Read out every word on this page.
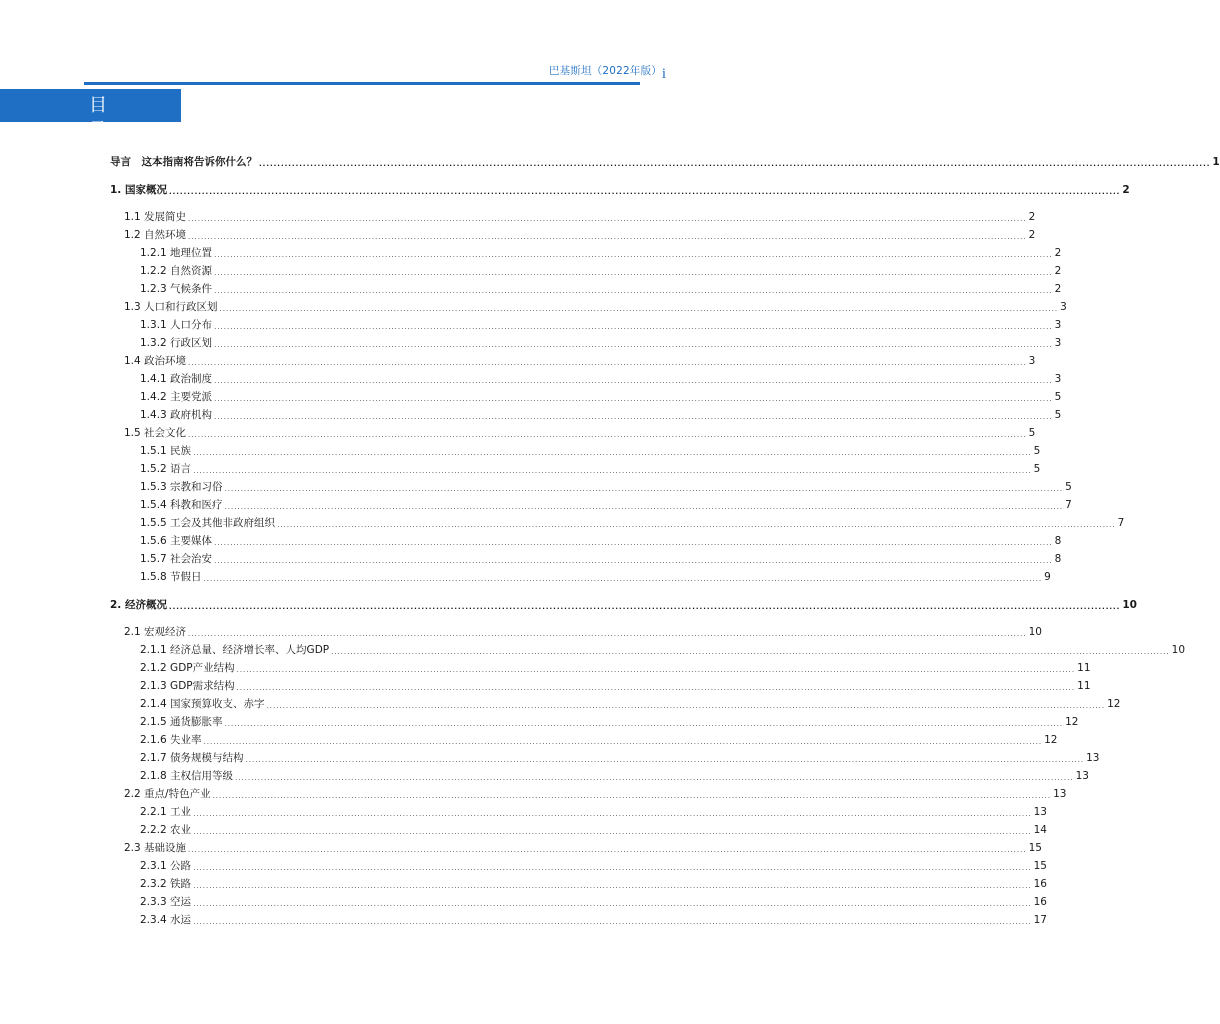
巴基斯坦（2022年版） i
目 录
导言　这本指南将告诉你什么？ .................................................................................................................................................................................................................................................................... 1
1. 国家概况 .................................................................................................................................................................................................................................................................... 2
1.1 发展简史 .................................................................................................................................................................................................................................................................... 2
1.2 自然环境 .................................................................................................................................................................................................................................................................... 2
1.2.1 地理位置 .................................................................................................................................................................................................................................................................... 2
1.2.2 自然资源 .................................................................................................................................................................................................................................................................... 2
1.2.3 气候条件 .................................................................................................................................................................................................................................................................... 2
1.3 人口和行政区划 .................................................................................................................................................................................................................................................................... 3
1.3.1 人口分布 .................................................................................................................................................................................................................................................................... 3
1.3.2 行政区划 .................................................................................................................................................................................................................................................................... 3
1.4 政治环境 .................................................................................................................................................................................................................................................................... 3
1.4.1 政治制度 .................................................................................................................................................................................................................................................................... 3
1.4.2 主要党派 .................................................................................................................................................................................................................................................................... 5
1.4.3 政府机构 .................................................................................................................................................................................................................................................................... 5
1.5 社会文化 .................................................................................................................................................................................................................................................................... 5
1.5.1 民族 .................................................................................................................................................................................................................................................................... 5
1.5.2 语言 .................................................................................................................................................................................................................................................................... 5
1.5.3 宗教和习俗 .................................................................................................................................................................................................................................................................... 5
1.5.4 科教和医疗 .................................................................................................................................................................................................................................................................... 7
1.5.5 工会及其他非政府组织 .................................................................................................................................................................................................................................................................... 7
1.5.6 主要媒体 .................................................................................................................................................................................................................................................................... 8
1.5.7 社会治安 .................................................................................................................................................................................................................................................................... 8
1.5.8 节假日 .................................................................................................................................................................................................................................................................... 9
2. 经济概况 .................................................................................................................................................................................................................................................................... 10
2.1 宏观经济 .................................................................................................................................................................................................................................................................... 10
2.1.1 经济总量、经济增长率、人均GDP .................................................................................................................................................................................................................................................................... 10
2.1.2 GDP产业结构 .................................................................................................................................................................................................................................................................... 11
2.1.3 GDP需求结构 .................................................................................................................................................................................................................................................................... 11
2.1.4 国家预算收支、赤字 .................................................................................................................................................................................................................................................................... 12
2.1.5 通货膨胀率 .................................................................................................................................................................................................................................................................... 12
2.1.6 失业率 .................................................................................................................................................................................................................................................................... 12
2.1.7 债务规模与结构 .................................................................................................................................................................................................................................................................... 13
2.1.8 主权信用等级 .................................................................................................................................................................................................................................................................... 13
2.2 重点/特色产业 .................................................................................................................................................................................................................................................................... 13
2.2.1 工业 .................................................................................................................................................................................................................................................................... 13
2.2.2 农业 .................................................................................................................................................................................................................................................................... 14
2.3 基础设施 .................................................................................................................................................................................................................................................................... 15
2.3.1 公路 .................................................................................................................................................................................................................................................................... 15
2.3.2 铁路 .................................................................................................................................................................................................................................................................... 16
2.3.3 空运 .................................................................................................................................................................................................................................................................... 16
2.3.4 水运 .................................................................................................................................................................................................................................................................... 17
